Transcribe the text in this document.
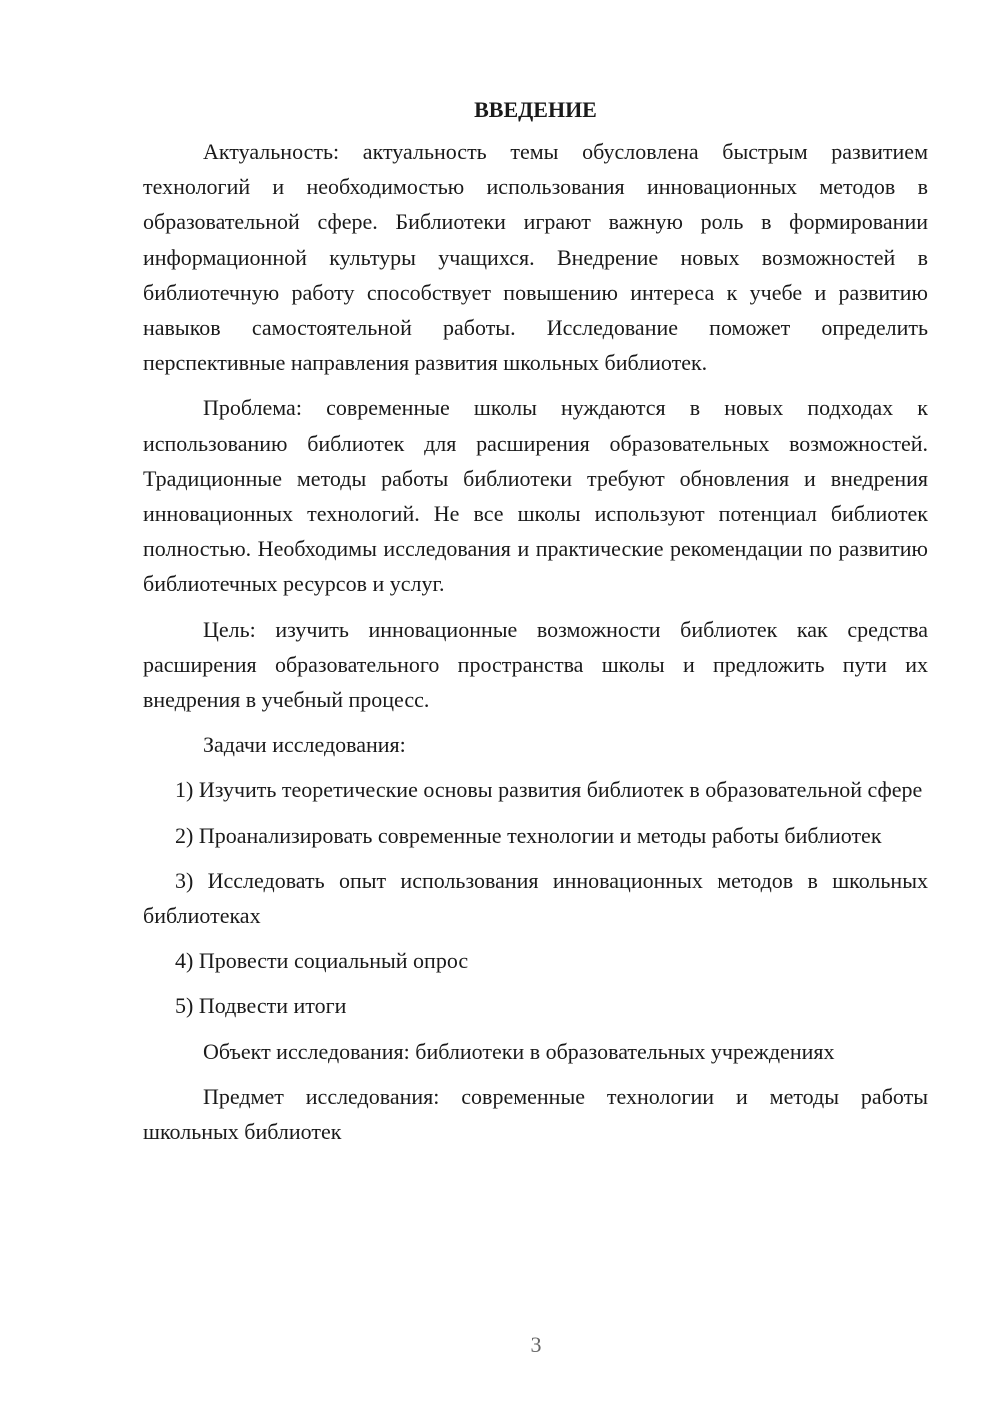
ВВЕДЕНИЕ

Актуальность: актуальность темы обусловлена быстрым развитием технологий и необходимостью использования инновационных методов в образовательной сфере. Библиотеки играют важную роль в формировании информационной культуры учащихся. Внедрение новых возможностей в библиотечную работу способствует повышению интереса к учебе и развитию навыков самостоятельной работы. Исследование поможет определить перспективные направления развития школьных библиотек.

Проблема: современные школы нуждаются в новых подходах к использованию библиотек для расширения образовательных возможностей. Традиционные методы работы библиотеки требуют обновления и внедрения инновационных технологий. Не все школы используют потенциал библиотек полностью. Необходимы исследования и практические рекомендации по развитию библиотечных ресурсов и услуг.

Цель: изучить инновационные возможности библиотек как средства расширения образовательного пространства школы и предложить пути их внедрения в учебный процесс.

Задачи исследования:

1) Изучить теоретические основы развития библиотек в образовательной сфере

2) Проанализировать современные технологии и методы работы библиотек

3) Исследовать опыт использования инновационных методов в школьных библиотеках

4) Провести социальный опрос

5) Подвести итоги

Объект исследования: библиотеки в образовательных учреждениях

Предмет исследования: современные технологии и методы работы школьных библиотек

3
